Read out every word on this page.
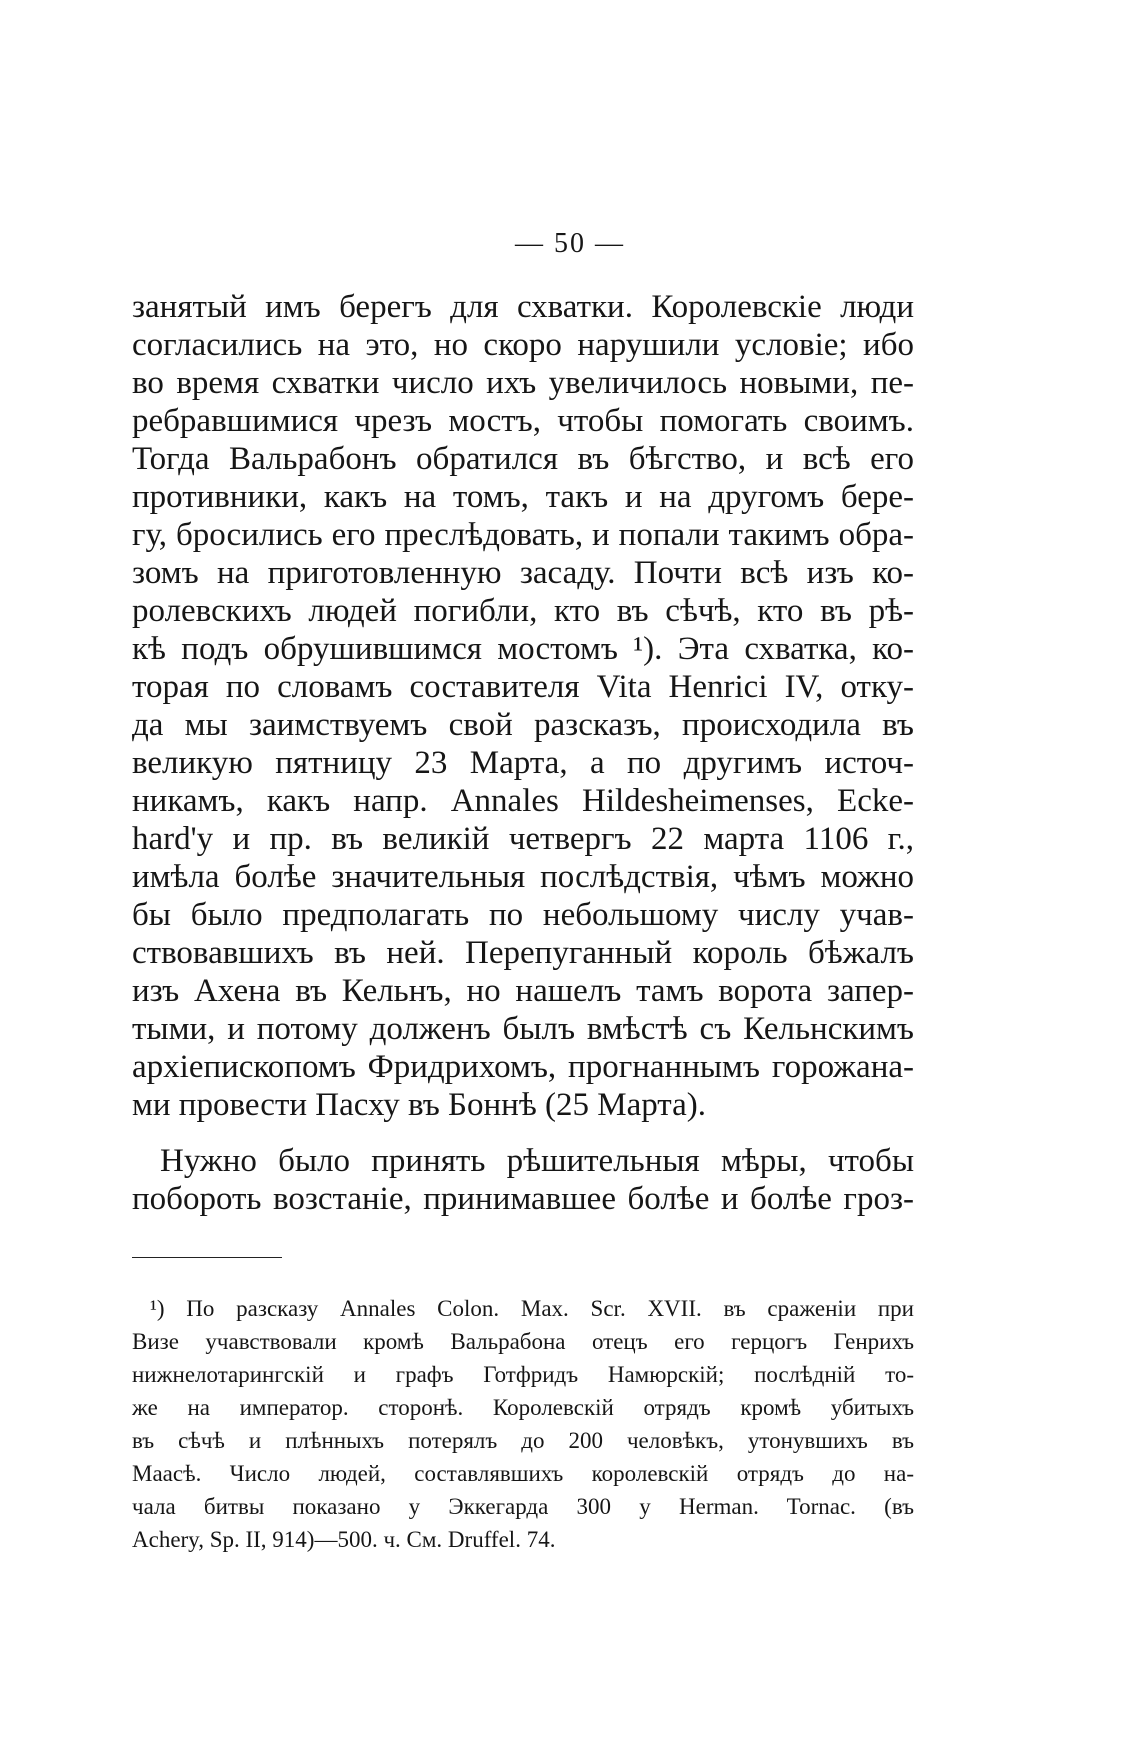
— 50 —
занятый имъ берегъ для схватки. Королевскіе люди
согласились на это, но скоро нарушили условіе; ибо
во время схватки число ихъ увеличилось новыми, пе-
ребравшимися чрезъ мостъ, чтобы помогать своимъ.
Тогда Вальрабонъ обратился въ бѣгство, и всѣ его
противники, какъ на томъ, такъ и на другомъ бере-
гу, бросились его преслѣдовать, и попали такимъ обра-
зомъ на приготовленную засаду. Почти всѣ изъ ко-
ролевскихъ людей погибли, кто въ сѣчѣ, кто въ рѣ-
кѣ подъ обрушившимся мостомъ ¹). Эта схватка, ко-
торая по словамъ составителя Vita Henrici IV, отку-
да мы заимствуемъ свой разсказъ, происходила въ
великую пятницу 23 Марта, а по другимъ источ-
никамъ, какъ напр. Annales Hildesheimenses, Ecke-
hard'у и пр. въ великій четвергъ 22 марта 1106 г.,
имѣла болѣе значительныя послѣдствія, чѣмъ можно
бы было предполагать по небольшому числу учав-
ствовавшихъ въ ней. Перепуганный король бѣжалъ
изъ Ахена въ Кельнъ, но нашелъ тамъ ворота запер-
тыми, и потому долженъ былъ вмѣстѣ съ Кельнскимъ
архіепископомъ Фридрихомъ, прогнаннымъ горожана-
ми провести Пасху въ Боннѣ (25 Марта).
Нужно было принять рѣшительныя мѣры, чтобы
побороть возстаніе, принимавшее болѣе и болѣе гроз-
¹) По разсказу Annales Colon. Max. Scr. XVII. въ сраженіи при
Визе учавствовали кромѣ Вальрабона отецъ его герцогъ Генрихъ
нижнелотарингскій и графъ Готфридъ Намюрскій; послѣдній то-
же на император. сторонѣ. Королевскій отрядъ кромѣ убитыхъ
въ сѣчѣ и плѣнныхъ потерялъ до 200 человѣкъ, утонувшихъ въ
Маасѣ. Число людей, составлявшихъ королевскій отрядъ до на-
чала битвы показано у Эккегарда 300 у Herman. Tornac. (въ
Achery, Sp. II, 914)—500. ч. См. Druffel. 74.
